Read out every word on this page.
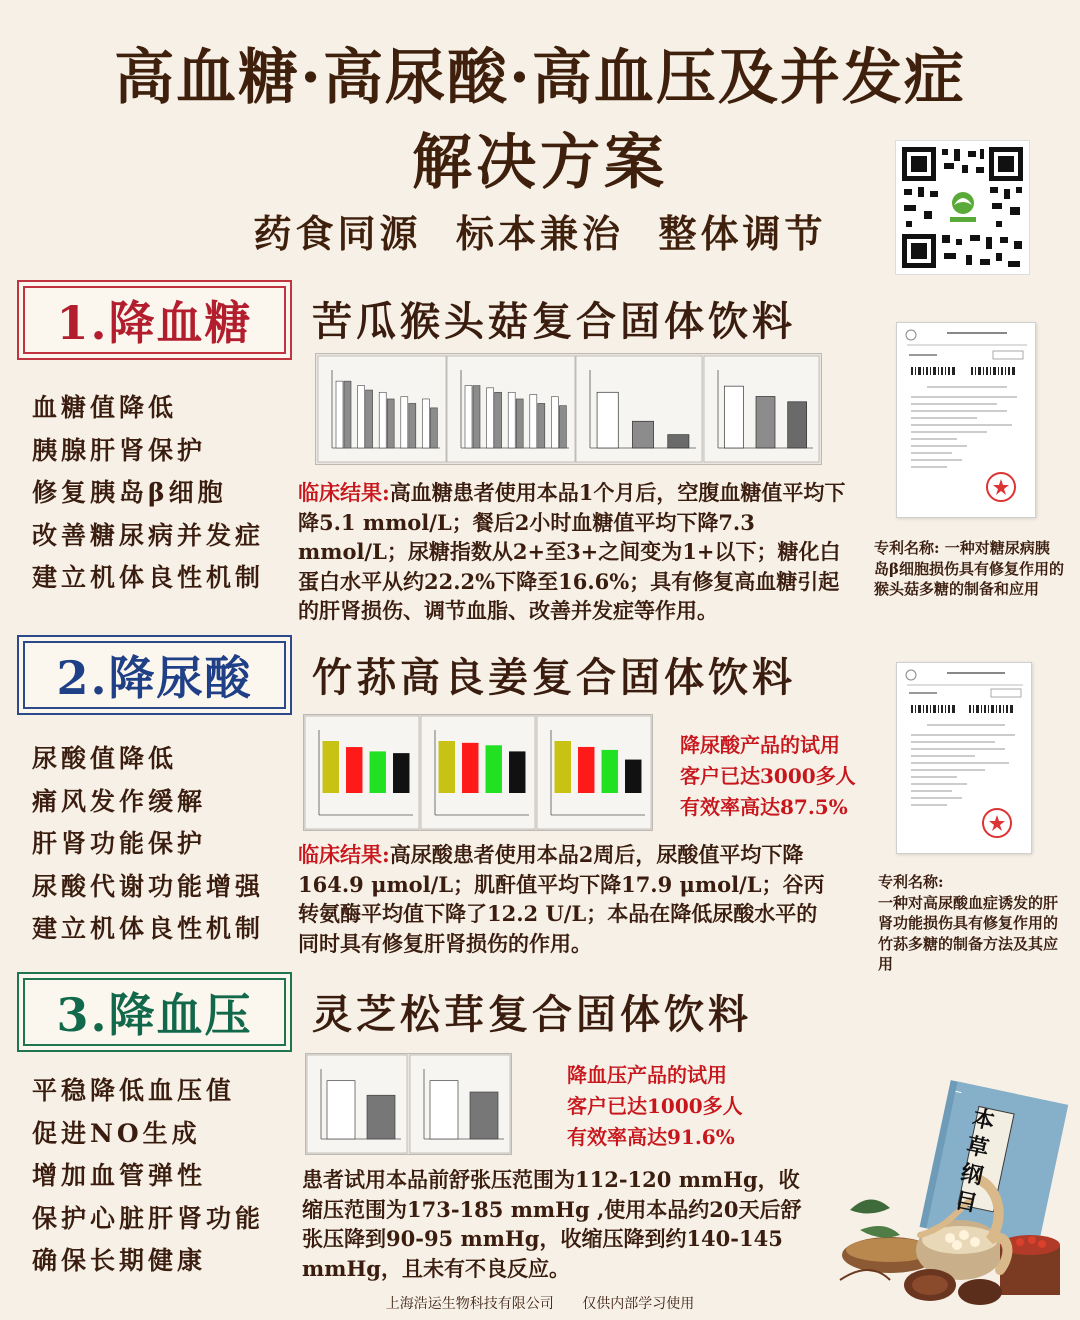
高血糖·高尿酸·高血压及并发症
解决方案
药食同源  标本兼治  整体调节
1.降血糖	苦瓜猴头菇复合固体饮料
血糖值降低
胰腺肝肾保护
修复胰岛β细胞
改善糖尿病并发症
建立机体良性机制
临床结果:高血糖患者使用本品1个月后，空腹血糖值平均下降5.1 mmol/L；餐后2小时血糖值平均下降7.3 mmol/L；尿糖指数从2+至3+之间变为1+以下；糖化白蛋白水平从约22.2%下降至16.6%；具有修复高血糖引起的肝肾损伤、调节血脂、改善并发症等作用。
专利名称: 一种对糖尿病胰岛β细胞损伤具有修复作用的猴头菇多糖的制备和应用
2.降尿酸	竹荪高良姜复合固体饮料
尿酸值降低
痛风发作缓解
肝肾功能保护
尿酸代谢功能增强
建立机体良性机制
降尿酸产品的试用
客户已达3000多人
有效率高达87.5%
临床结果:高尿酸患者使用本品2周后，尿酸值平均下降164.9 μmol/L；肌酐值平均下降17.9 μmol/L；谷丙转氨酶平均值下降了12.2 U/L；本品在降低尿酸水平的同时具有修复肝肾损伤的作用。
专利名称:
一种对高尿酸血症诱发的肝肾功能损伤具有修复作用的竹荪多糖的制备方法及其应用
3.降血压	灵芝松茸复合固体饮料
平稳降低血压值
促进NO生成
增加血管弹性
保护心脏肝肾功能
确保长期健康
降血压产品的试用
客户已达1000多人
有效率高达91.6%
患者试用本品前舒张压范围为112-120 mmHg，收缩压范围为173-185 mmHg ,使用本品约20天后舒张压降到90-95 mmHg，收缩压降到约140-145 mmHg，且未有不良反应。
本草纲目
上海浩运生物科技有限公司 仅供内部学习使用
